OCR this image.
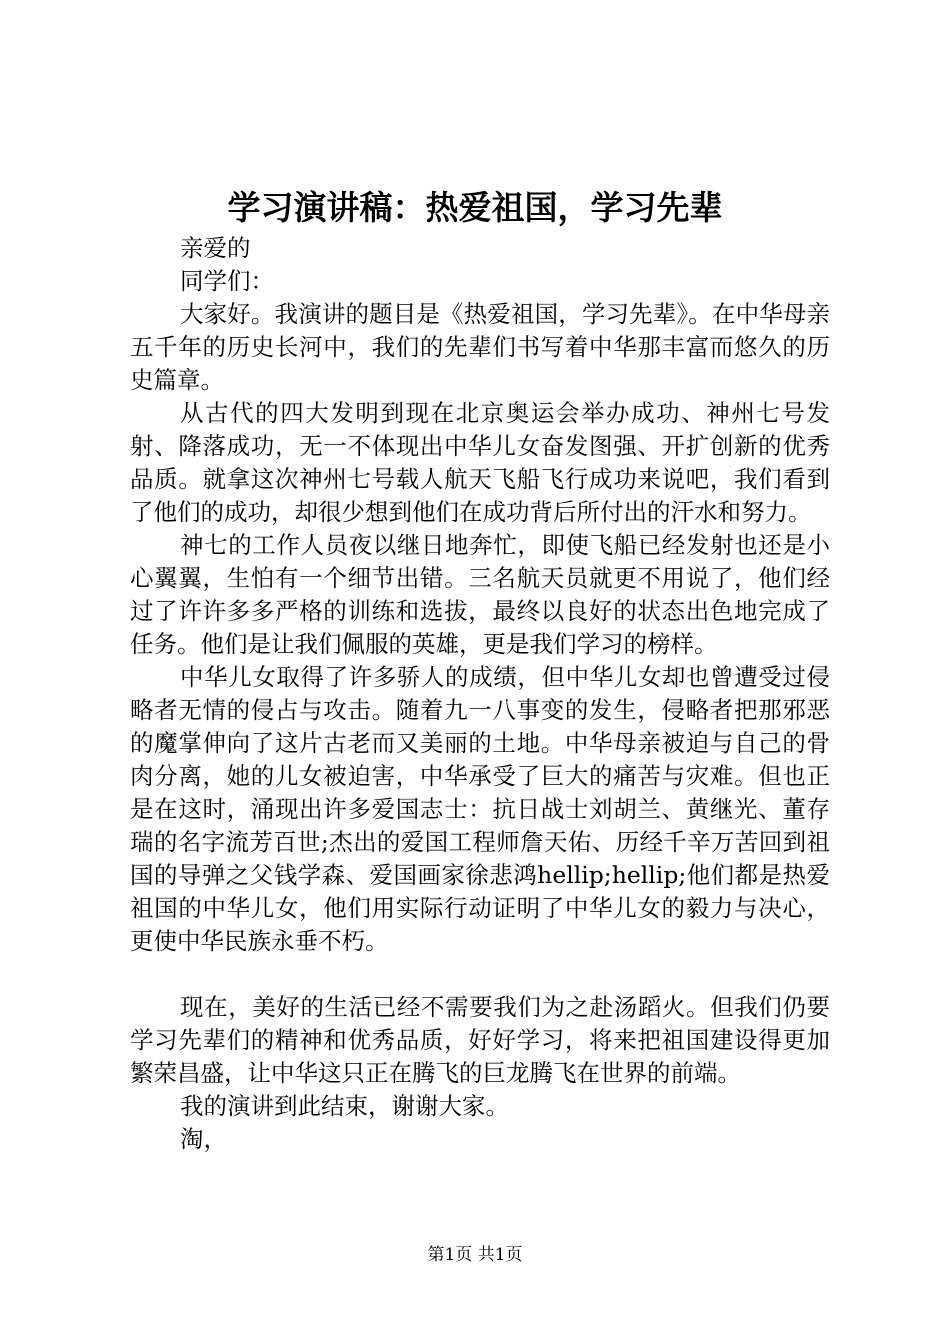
学习演讲稿：热爱祖国，学习先辈

亲爱的

同学们：

大家好。我演讲的题目是《热爱祖国，学习先辈》。在中华母亲五千年的历史长河中，我们的先辈们书写着中华那丰富而悠久的历史篇章。

从古代的四大发明到现在北京奥运会举办成功、神州七号发射、降落成功，无一不体现出中华儿女奋发图强、开扩创新的优秀品质。就拿这次神州七号载人航天飞船飞行成功来说吧，我们看到了他们的成功，却很少想到他们在成功背后所付出的汗水和努力。

神七的工作人员夜以继日地奔忙，即使飞船已经发射也还是小心翼翼，生怕有一个细节出错。三名航天员就更不用说了，他们经过了许许多多严格的训练和选拔，最终以良好的状态出色地完成了任务。他们是让我们佩服的英雄，更是我们学习的榜样。

中华儿女取得了许多骄人的成绩，但中华儿女却也曾遭受过侵略者无情的侵占与攻击。随着九一八事变的发生，侵略者把那邪恶的魔掌伸向了这片古老而又美丽的土地。中华母亲被迫与自己的骨肉分离，她的儿女被迫害，中华承受了巨大的痛苦与灾难。但也正是在这时，涌现出许多爱国志士：抗日战士刘胡兰、黄继光、董存瑞的名字流芳百世;杰出的爱国工程师詹天佑、历经千辛万苦回到祖国的导弹之父钱学森、爱国画家徐悲鸿hellip;hellip;他们都是热爱祖国的中华儿女，他们用实际行动证明了中华儿女的毅力与决心，更使中华民族永垂不朽。

现在，美好的生活已经不需要我们为之赴汤蹈火。但我们仍要学习先辈们的精神和优秀品质，好好学习，将来把祖国建设得更加繁荣昌盛，让中华这只正在腾飞的巨龙腾飞在世界的前端。

我的演讲到此结束，谢谢大家。

淘，

第1页 共1页
